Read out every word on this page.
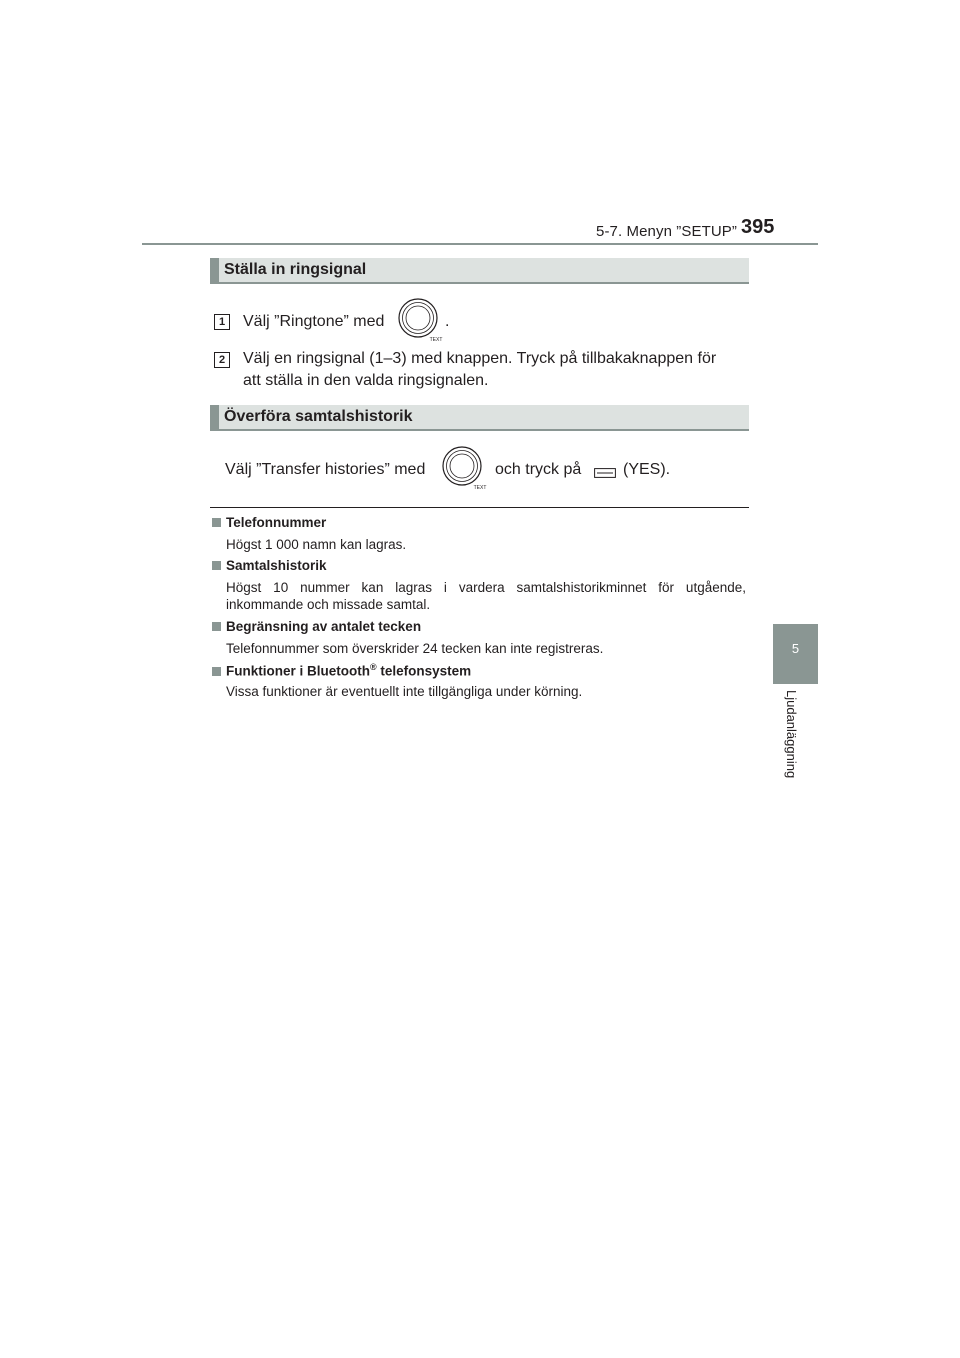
5-7. Menyn ”SETUP” 395
5
Ljudanläggning
Ställa in ringsignal
1	Välj ”Ringtone” med
TEXT
.
2	Välj en ringsignal (1–3) med knappen. Tryck på tillbakaknappen för
att ställa in den valda ringsignalen.
Överföra samtalshistorik
Välj ”Transfer histories” med
TEXT
och tryck på	(YES).
Telefonnummer
Högst 1 000 namn kan lagras.
Samtalshistorik
Högst 10 nummer kan lagras i vardera samtalshistorikminnet för utgående, inkommande och missade samtal.
Begränsning av antalet tecken
Telefonnummer som överskrider 24 tecken kan inte registreras.
Funktioner i Bluetooth® telefonsystem
Vissa funktioner är eventuellt inte tillgängliga under körning.
